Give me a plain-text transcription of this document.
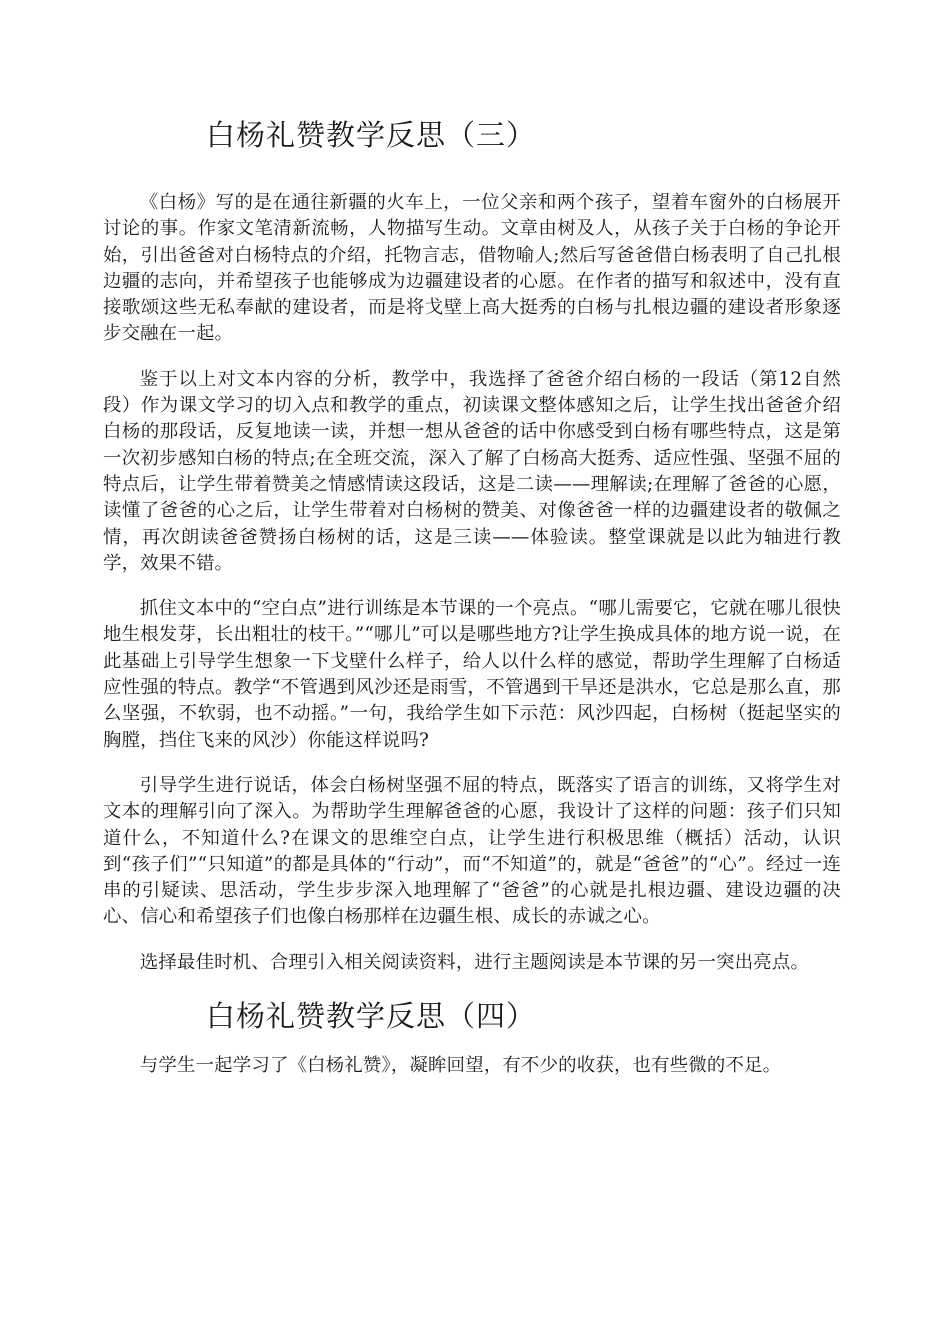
白杨礼赞教学反思（三）

《白杨》写的是在通往新疆的火车上，一位父亲和两个孩子，望着车窗外的白杨展开讨论的事。作家文笔清新流畅，人物描写生动。文章由树及人，从孩子关于白杨的争论开始，引出爸爸对白杨特点的介绍，托物言志，借物喻人;然后写爸爸借白杨表明了自己扎根边疆的志向，并希望孩子也能够成为边疆建设者的心愿。在作者的描写和叙述中，没有直接歌颂这些无私奉献的建设者，而是将戈壁上高大挺秀的白杨与扎根边疆的建设者形象逐步交融在一起。

鉴于以上对文本内容的分析，教学中，我选择了爸爸介绍白杨的一段话（第12自然段）作为课文学习的切入点和教学的重点，初读课文整体感知之后，让学生找出爸爸介绍白杨的那段话，反复地读一读，并想一想从爸爸的话中你感受到白杨有哪些特点，这是第一次初步感知白杨的特点;在全班交流，深入了解了白杨高大挺秀、适应性强、坚强不屈的特点后，让学生带着赞美之情感情读这段话，这是二读——理解读;在理解了爸爸的心愿，读懂了爸爸的心之后，让学生带着对白杨树的赞美、对像爸爸一样的边疆建设者的敬佩之情，再次朗读爸爸赞扬白杨树的话，这是三读——体验读。整堂课就是以此为轴进行教学，效果不错。

抓住文本中的“空白点”进行训练是本节课的一个亮点。“哪儿需要它，它就在哪儿很快地生根发芽，长出粗壮的枝干。”“哪儿”可以是哪些地方?让学生换成具体的地方说一说，在此基础上引导学生想象一下戈壁什么样子，给人以什么样的感觉，帮助学生理解了白杨适应性强的特点。教学“不管遇到风沙还是雨雪，不管遇到干旱还是洪水，它总是那么直，那么坚强，不软弱，也不动摇。”一句，我给学生如下示范：风沙四起，白杨树（挺起坚实的胸膛，挡住飞来的风沙）你能这样说吗?

引导学生进行说话，体会白杨树坚强不屈的特点，既落实了语言的训练，又将学生对文本的理解引向了深入。为帮助学生理解爸爸的心愿，我设计了这样的问题：孩子们只知道什么，不知道什么?在课文的思维空白点，让学生进行积极思维（概括）活动，认识到“孩子们”“只知道”的都是具体的“行动”，而“不知道”的，就是“爸爸”的“心”。经过一连串的引疑读、思活动，学生步步深入地理解了“爸爸”的心就是扎根边疆、建设边疆的决心、信心和希望孩子们也像白杨那样在边疆生根、成长的赤诚之心。

选择最佳时机、合理引入相关阅读资料，进行主题阅读是本节课的另一突出亮点。

白杨礼赞教学反思（四）

与学生一起学习了《白杨礼赞》，凝眸回望，有不少的收获，也有些微的不足。
